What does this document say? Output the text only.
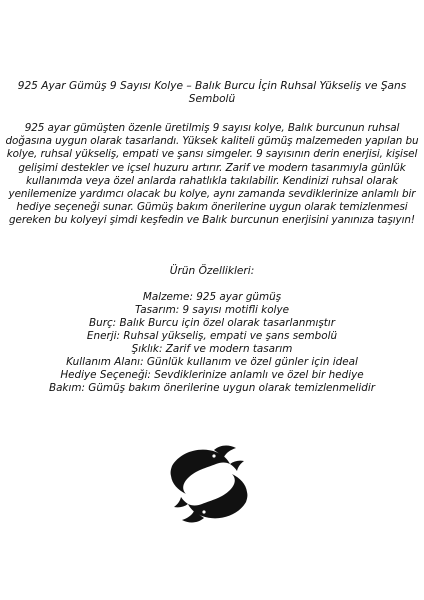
925 Ayar Gümüş 9 Sayısı Kolye – Balık Burcu İçin Ruhsal Yükseliş ve Şans Sembolü

925 ayar gümüşten özenle üretilmiş 9 sayısı kolye, Balık burcunun ruhsal doğasına uygun olarak tasarlandı. Yüksek kaliteli gümüş malzemeden yapılan bu kolye, ruhsal yükseliş, empati ve şansı simgeler. 9 sayısının derin enerjisi, kişisel gelişimi destekler ve içsel huzuru artırır. Zarif ve modern tasarımıyla günlük kullanımda veya özel anlarda rahatlıkla takılabilir. Kendinizi ruhsal olarak yenilemenize yardımcı olacak bu kolye, aynı zamanda sevdiklerinize anlamlı bir hediye seçeneği sunar. Gümüş bakım önerilerine uygun olarak temizlenmesi gereken bu kolyeyi şimdi keşfedin ve Balık burcunun enerjisini yanınıza taşıyın!

Ürün Özellikleri:
Malzeme: 925 ayar gümüş
Tasarım: 9 sayısı motifli kolye
Burç: Balık Burcu için özel olarak tasarlanmıştır
Enerji: Ruhsal yükseliş, empati ve şans sembolü
Şıklık: Zarif ve modern tasarım
Kullanım Alanı: Günlük kullanım ve özel günler için ideal
Hediye Seçeneği: Sevdiklerinize anlamlı ve özel bir hediye
Bakım: Gümüş bakım önerilerine uygun olarak temizlenmelidir
